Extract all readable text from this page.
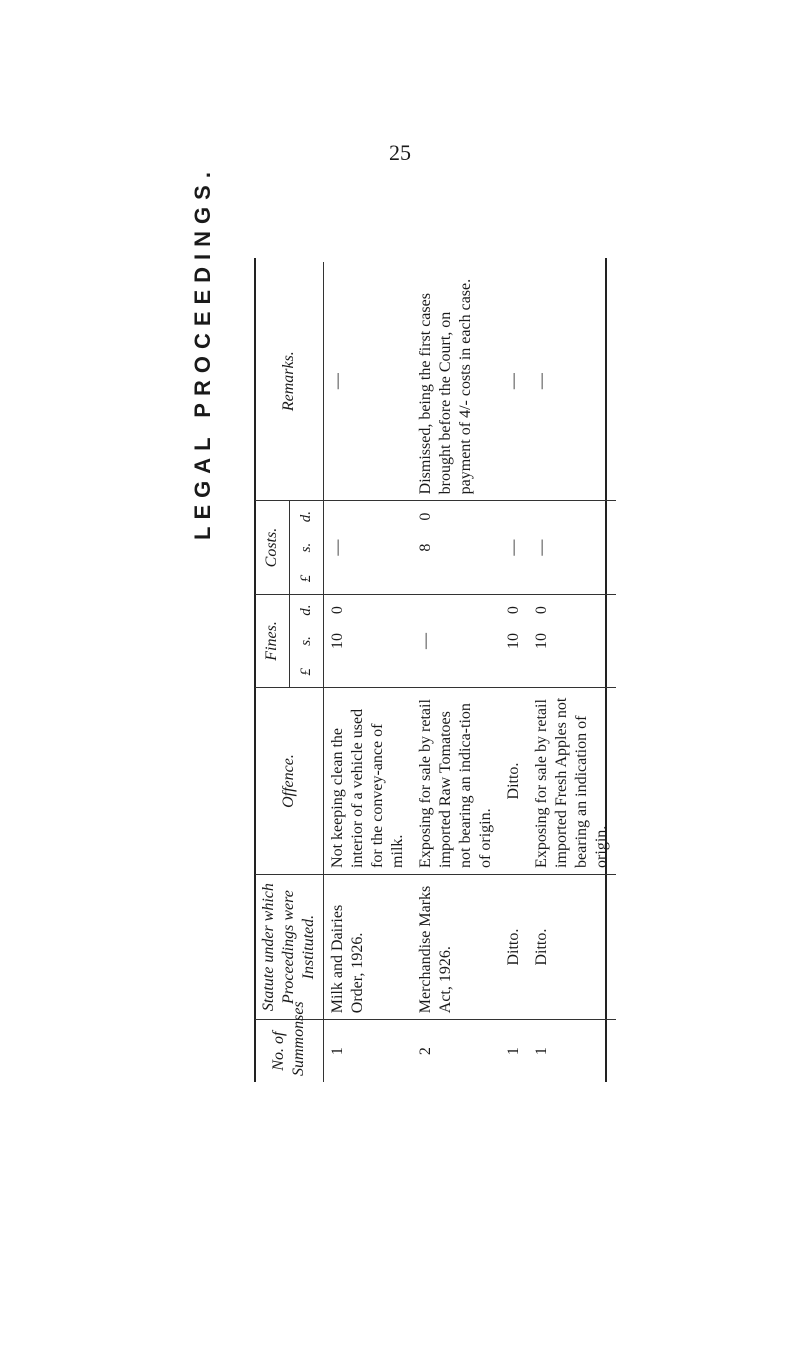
25
LEGAL PROCEEDINGS.
No. of Summonses	Statute under which Proceedings were Instituted.	Offence.	Fines.			Costs.			Remarks.
			£	s.	d.	£	s.	d.	
1	Milk and Dairies Order, 1926.	Not keeping clean the interior of a vehicle used for the convey-ance of milk.		10	0		—		—
2	Merchandise Marks Act, 1926.	Exposing for sale by retail imported Raw Tomatoes not bearing an indica-tion of origin.		—			8	0	Dismissed, being the first cases brought before the Court, on payment of 4/- costs in each case.
1	Ditto.	Ditto.		10	0		—		—
1	Ditto.	Exposing for sale by retail imported Fresh Apples not bearing an indication of origin.		10	0		—		—
